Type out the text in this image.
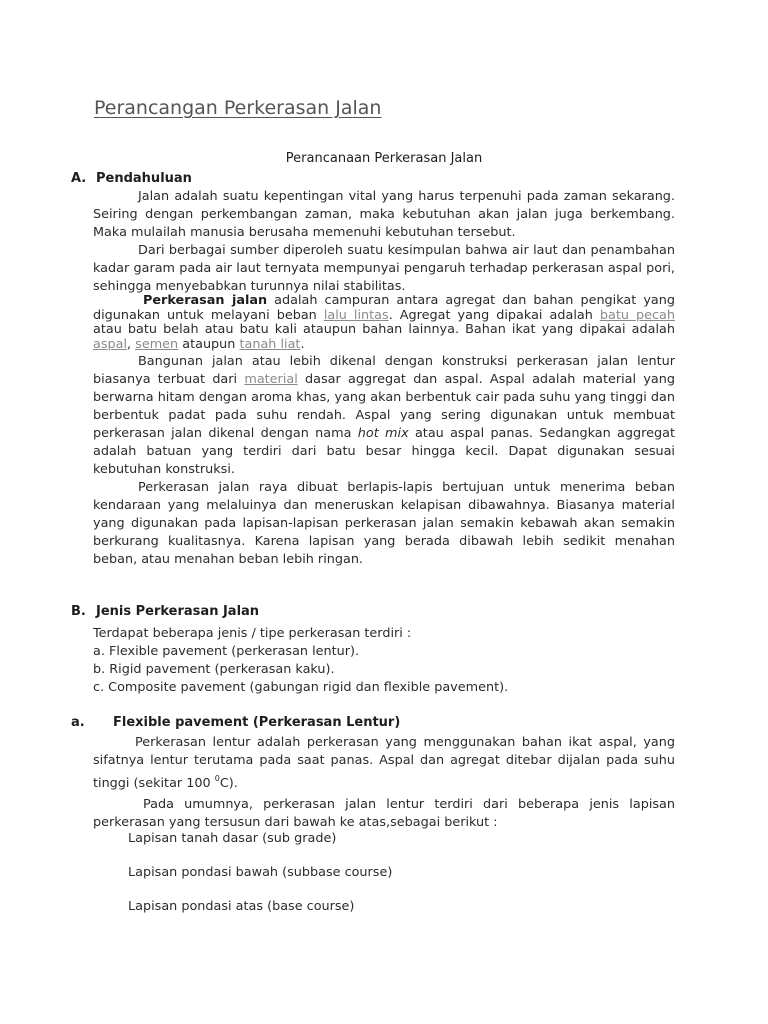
Perancangan Perkerasan Jalan

Perancanaan Perkerasan Jalan

A. Pendahuluan

Jalan adalah suatu kepentingan vital yang harus terpenuhi pada zaman sekarang. Seiring dengan perkembangan zaman, maka kebutuhan akan jalan juga berkembang. Maka mulailah manusia berusaha memenuhi kebutuhan tersebut.

Dari berbagai sumber diperoleh suatu kesimpulan bahwa air laut dan penambahan kadar garam pada air laut ternyata mempunyai pengaruh terhadap perkerasan aspal pori, sehingga menyebabkan turunnya nilai stabilitas.

Perkerasan jalan adalah campuran antara agregat dan bahan pengikat yang digunakan untuk melayani beban lalu lintas. Agregat yang dipakai adalah batu pecah atau batu belah atau batu kali ataupun bahan lainnya. Bahan ikat yang dipakai adalah aspal, semen ataupun tanah liat.

Bangunan jalan atau lebih dikenal dengan konstruksi perkerasan jalan lentur biasanya terbuat dari material dasar aggregat dan aspal. Aspal adalah material yang berwarna hitam dengan aroma khas, yang akan berbentuk cair pada suhu yang tinggi dan berbentuk padat pada suhu rendah. Aspal yang sering digunakan untuk membuat perkerasan jalan dikenal dengan nama hot mix atau aspal panas. Sedangkan aggregat adalah batuan yang terdiri dari batu besar hingga kecil. Dapat digunakan sesuai kebutuhan konstruksi.

Perkerasan jalan raya dibuat berlapis-lapis bertujuan untuk menerima beban kendaraan yang melaluinya dan meneruskan kelapisan dibawahnya. Biasanya material yang digunakan pada lapisan-lapisan perkerasan jalan semakin kebawah akan semakin berkurang kualitasnya. Karena lapisan yang berada dibawah lebih sedikit menahan beban, atau menahan beban lebih ringan.

B. Jenis Perkerasan Jalan

Terdapat beberapa jenis / tipe perkerasan terdiri :

a. Flexible pavement (perkerasan lentur).

b. Rigid pavement (perkerasan kaku).

c. Composite pavement (gabungan rigid dan flexible pavement).

a. Flexible pavement (Perkerasan Lentur)

Perkerasan lentur adalah perkerasan yang menggunakan bahan ikat aspal, yang sifatnya lentur terutama pada saat panas. Aspal dan agregat ditebar dijalan pada suhu tinggi (sekitar 100 $^0$C).

Pada umumnya, perkerasan jalan lentur terdiri dari beberapa jenis lapisan perkerasan yang tersusun dari bawah ke atas,sebagai berikut :

Lapisan tanah dasar (sub grade)

Lapisan pondasi bawah (subbase course)

Lapisan pondasi atas (base course)
